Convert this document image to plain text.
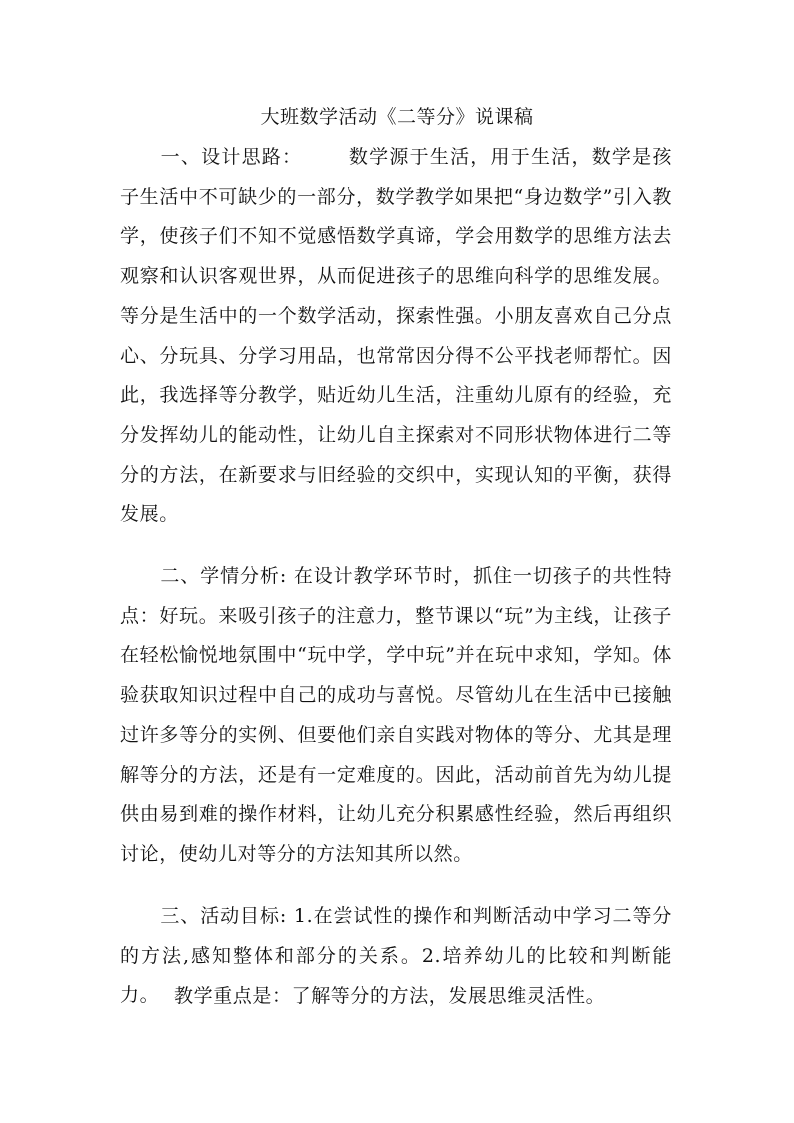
大班数学活动《二等分》说课稿

一、设计思路： 数学源于生活，用于生活，数学是孩子生活中不可缺少的一部分，数学教学如果把“身边数学”引入教学，使孩子们不知不觉感悟数学真谛，学会用数学的思维方法去观察和认识客观世界，从而促进孩子的思维向科学的思维发展。等分是生活中的一个数学活动，探索性强。小朋友喜欢自己分点心、分玩具、分学习用品，也常常因分得不公平找老师帮忙。因此，我选择等分教学，贴近幼儿生活，注重幼儿原有的经验，充分发挥幼儿的能动性，让幼儿自主探索对不同形状物体进行二等分的方法，在新要求与旧经验的交织中，实现认知的平衡，获得发展。

二、学情分析: 在设计教学环节时，抓住一切孩子的共性特点：好玩。来吸引孩子的注意力，整节课以“玩”为主线，让孩子在轻松愉悦地氛围中“玩中学，学中玩”并在玩中求知，学知。体验获取知识过程中自己的成功与喜悦。尽管幼儿在生活中已接触过许多等分的实例、但要他们亲自实践对物体的等分、尤其是理解等分的方法，还是有一定难度的。因此，活动前首先为幼儿提供由易到难的操作材料，让幼儿充分积累感性经验，然后再组织讨论，使幼儿对等分的方法知其所以然。

三、活动目标: 1.在尝试性的操作和判断活动中学习二等分的方法,感知整体和部分的关系。2.培养幼儿的比较和判断能力。 教学重点是：了解等分的方法，发展思维灵活性。
